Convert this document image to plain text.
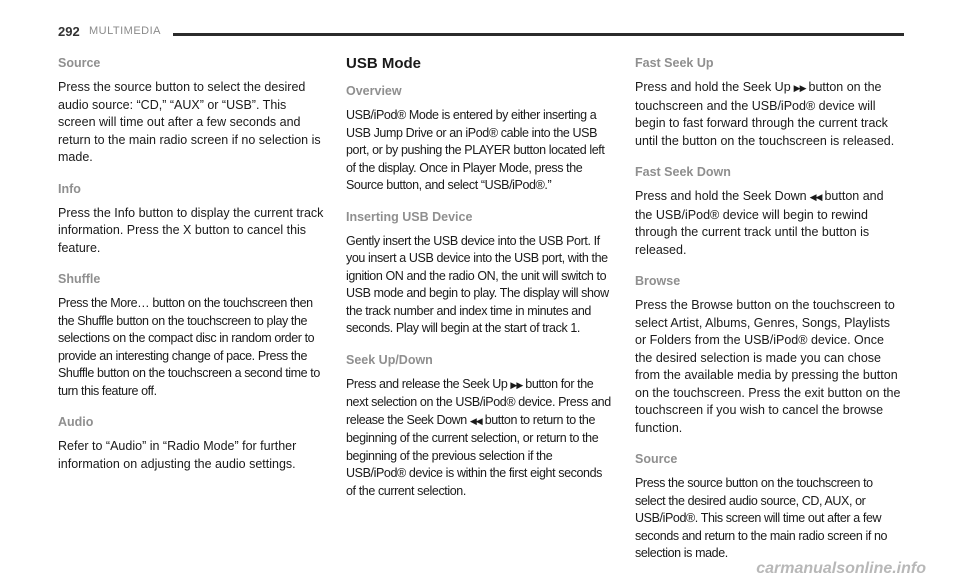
292 MULTIMEDIA
Source

Press the source button to select the desired audio source: “CD,” “AUX” or “USB”. This screen will time out after a few seconds and return to the main radio screen if no selection is made.

Info

Press the Info button to display the current track information. Press the X button to cancel this feature.

Shuffle

Press the More… button on the touchscreen then the Shuffle button on the touchscreen to play the selections on the compact disc in random order to provide an interesting change of pace. Press the Shuffle button on the touchscreen a second time to turn this feature off.

Audio

Refer to “Audio” in “Radio Mode” for further information on adjusting the audio settings.

USB Mode
Overview

USB/iPod® Mode is entered by either inserting a USB Jump Drive or an iPod® cable into the USB port, or by pushing the PLAYER button located left of the display. Once in Player Mode, press the Source button, and select “USB/iPod®.”

Inserting USB Device

Gently insert the USB device into the USB Port. If you insert a USB device into the USB port, with the ignition ON and the radio ON, the unit will switch to USB mode and begin to play. The display will show the track number and index time in minutes and seconds. Play will begin at the start of track 1.

Seek Up/Down

Press and release the Seek Up ▶▶ button for the next selection on the USB/iPod® device. Press and release the Seek Down ◀◀ button to return to the beginning of the current selection, or return to the beginning of the previous selection if the USB/iPod® device is within the first eight seconds of the current selection.

Fast Seek Up

Press and hold the Seek Up ▶▶ button on the touchscreen and the USB/iPod® device will begin to fast forward through the current track until the button on the touchscreen is released.

Fast Seek Down

Press and hold the Seek Down ◀◀ button and the USB/iPod® device will begin to rewind through the current track until the button is released.

Browse

Press the Browse button on the touchscreen to select Artist, Albums, Genres, Songs, Playlists or Folders from the USB/iPod® device. Once the desired selection is made you can chose from the available media by pressing the button on the touchscreen. Press the exit button on the touchscreen if you wish to cancel the browse function.

Source

Press the source button on the touchscreen to select the desired audio source, CD, AUX, or USB/iPod®. This screen will time out after a few seconds and return to the main radio screen if no selection is made.

carmanualsonline.info
